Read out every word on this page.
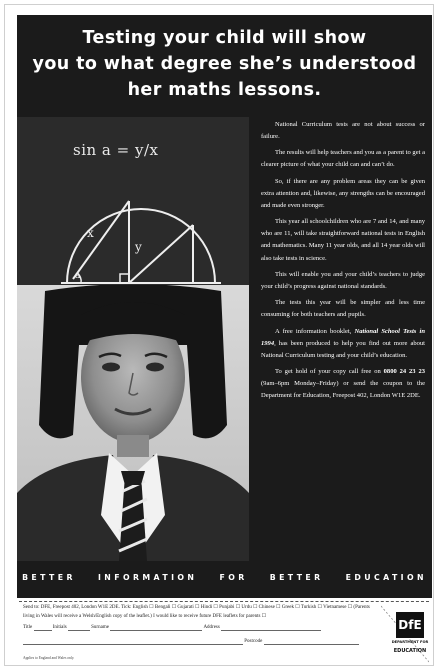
Testing your child will show
you to what degree she’s understood
her maths lessons.
sin a = y/x
x
y
a

National Curriculum tests are not about success or failure.

The results will help teachers and you as a parent to get a clearer picture of what your child can and can’t do.

So, if there are any problem areas they can be given extra attention and, likewise, any strengths can be encouraged and made even stronger.

This year all schoolchildren who are 7 and 14, and many who are 11, will take straightforward national tests in English and mathematics. Many 11 year olds, and all 14 year olds will also take tests in science.

This will enable you and your child’s teachers to judge your child’s progress against national standards.

The tests this year will be simpler and less time consuming for both teachers and pupils.

A free information booklet, National School Tests in 1994, has been produced to help you find out more about National Curriculum testing and your child’s education.

To get hold of your copy call free on 0800 24 23 23 (9am–6pm Monday–Friday) or send the coupon to the Department for Education, Freepost 402, London W1E 2DE.

BETTER INFORMATION FOR BETTER EDUCATION
Send to: DFE, Freepost 402, London W1E 2DE. Tick: English ☐ Bengali ☐ Gujarati ☐ Hindi ☐ Punjabi ☐ Urdu ☐ Chinese ☐ Greek ☐ Turkish ☐ Vietnamese ☐ (Parents living in Wales will receive a Welsh/English copy of the leaflet.) I would like to receive future DFE leaflets for parents ☐
Title	Initials	Surname	Address
Postcode
Applies to England and Wales only.
DfE
DEPARTMENT FOR
EDUCATION
